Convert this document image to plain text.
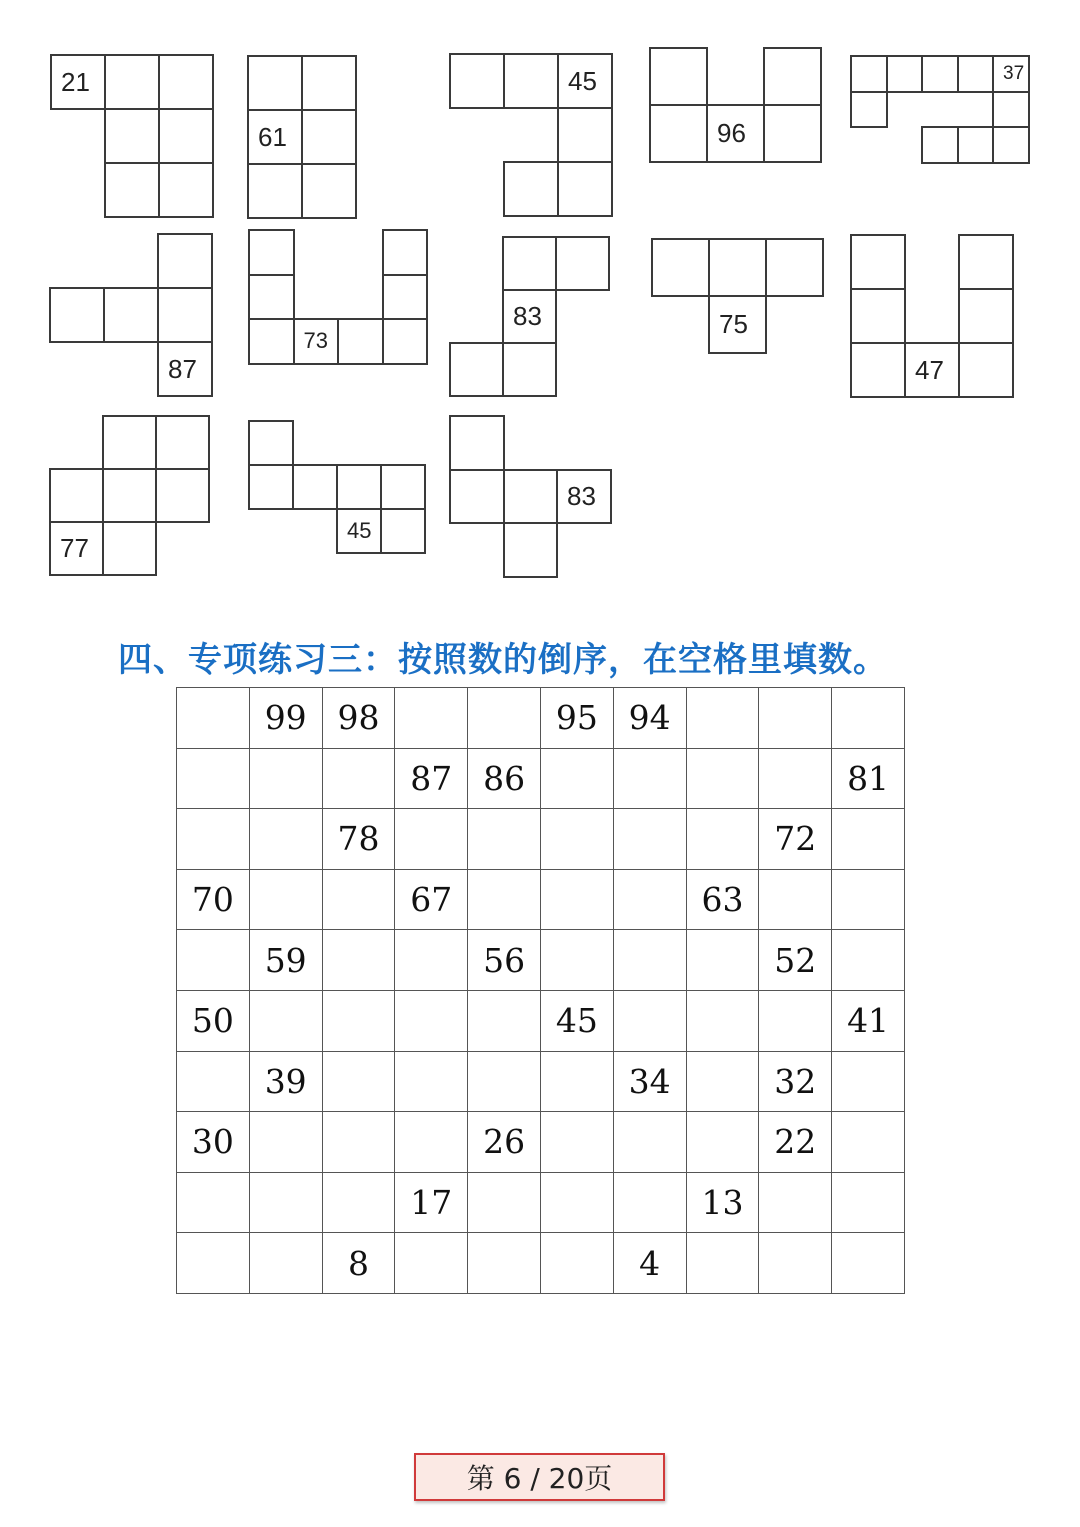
21
61
45
96
37
87
73
83	75
47
77
45
83
四、专项练习三：按照数的倒序，在空格里填数。
	99	98			95	94			
			87	86					81
		78						72	
70			67				63		
	59			56				52	
50					45				41
	39					34		32	
30				26				22	
			17				13		
		8				4			
第 6 / 20页
